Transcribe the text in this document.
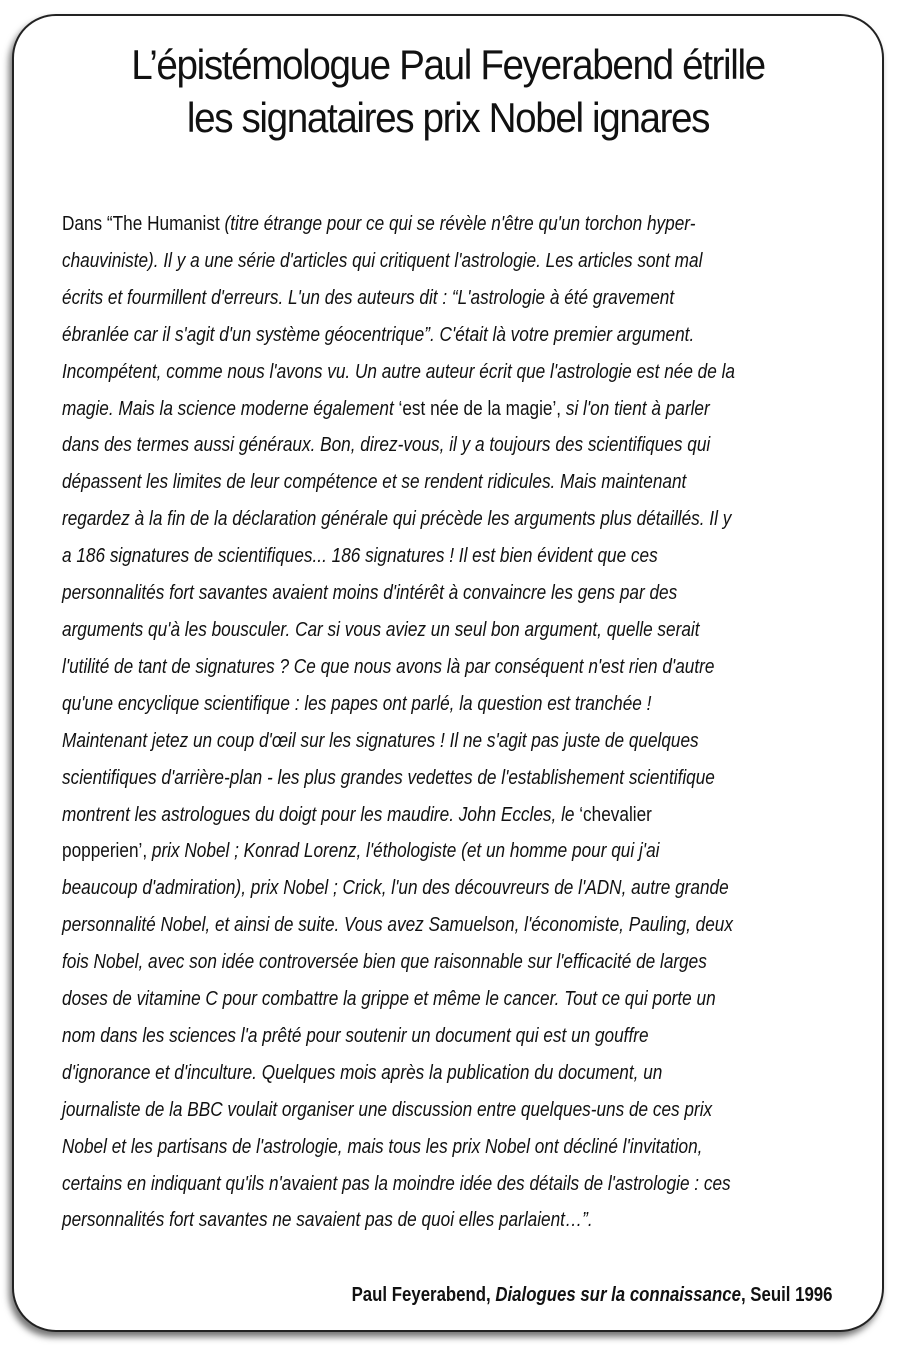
L’épistémologue Paul Feyerabend étrille
les signataires prix Nobel ignares
Dans “The Humanist (titre étrange pour ce qui se révèle n'être qu'un torchon hyper-
chauviniste). Il y a une série d'articles qui critiquent l'astrologie. Les articles sont mal
écrits et fourmillent d'erreurs. L'un des auteurs dit : “L'astrologie à été gravement
ébranlée car il s'agit d'un système géocentrique”. C'était là votre premier argument.
Incompétent, comme nous l'avons vu. Un autre auteur écrit que l'astrologie est née de la
magie. Mais la science moderne également ‘est née de la magie’, si l'on tient à parler
dans des termes aussi généraux. Bon, direz-vous, il y a toujours des scientifiques qui
dépassent les limites de leur compétence et se rendent ridicules. Mais maintenant
regardez à la fin de la déclaration générale qui précède les arguments plus détaillés. Il y
a 186 signatures de scientifiques... 186 signatures ! Il est bien évident que ces
personnalités fort savantes avaient moins d'intérêt à convaincre les gens par des
arguments qu'à les bousculer. Car si vous aviez un seul bon argument, quelle serait
l'utilité de tant de signatures ? Ce que nous avons là par conséquent n'est rien d'autre
qu'une encyclique scientifique : les papes ont parlé, la question est tranchée !
Maintenant jetez un coup d'œil sur les signatures ! Il ne s'agit pas juste de quelques
scientifiques d'arrière-plan - les plus grandes vedettes de l'establishement scientifique
montrent les astrologues du doigt pour les maudire. John Eccles, le ‘chevalier
popperien’, prix Nobel ; Konrad Lorenz, l'éthologiste (et un homme pour qui j'ai
beaucoup d'admiration), prix Nobel ; Crick, l'un des découvreurs de l'ADN, autre grande
personnalité Nobel, et ainsi de suite. Vous avez Samuelson, l'économiste, Pauling, deux
fois Nobel, avec son idée controversée bien que raisonnable sur l'efficacité de larges
doses de vitamine C pour combattre la grippe et même le cancer. Tout ce qui porte un
nom dans les sciences l'a prêté pour soutenir un document qui est un gouffre
d'ignorance et d'inculture. Quelques mois après la publication du document, un
journaliste de la BBC voulait organiser une discussion entre quelques-uns de ces prix
Nobel et les partisans de l'astrologie, mais tous les prix Nobel ont décliné l'invitation,
certains en indiquant qu'ils n'avaient pas la moindre idée des détails de l'astrologie : ces
personnalités fort savantes ne savaient pas de quoi elles parlaient…”.
Paul Feyerabend, Dialogues sur la connaissance, Seuil 1996
